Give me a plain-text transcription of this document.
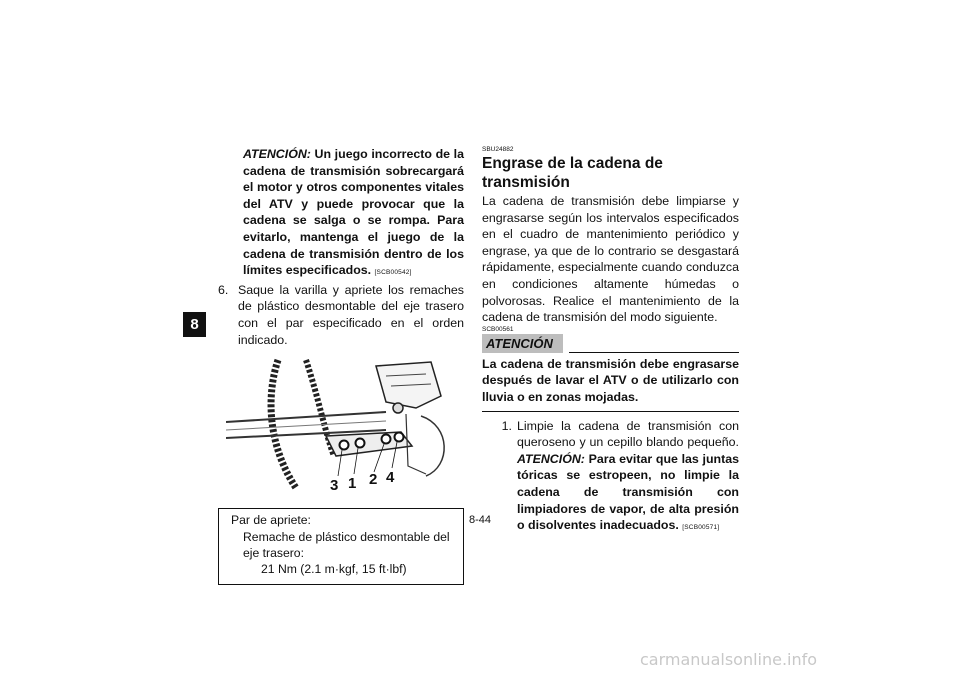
8
ATENCIÓN: Un juego incorrecto de la cadena de transmisión sobrecargará el motor y otros componentes vitales del ATV y puede provocar que la cadena se salga o se rompa. Para evitarlo, mantenga el juego de la cadena de transmisión dentro de los límites especificados. [SCB00542]
6. Saque la varilla y apriete los remaches de plástico desmontable del eje trasero con el par especificado en el orden indicado.
3 1 2 4
Par de apriete:
Remache de plástico desmontable del eje trasero:
21 Nm (2.1 m·kgf, 15 ft·lbf)
SBU24882
Engrase de la cadena de transmisión
La cadena de transmisión debe limpiarse y engrasarse según los intervalos especificados en el cuadro de mantenimiento periódico y engrase, ya que de lo contrario se desgastará rápidamente, especialmente cuando conduzca en condiciones altamente húmedas o polvorosas. Realice el mantenimiento de la cadena de transmisión del modo siguiente.
SCB00561
ATENCIÓN
La cadena de transmisión debe engrasarse después de lavar el ATV o de utilizarlo con lluvia o en zonas mojadas.
1. Limpie la cadena de transmisión con queroseno y un cepillo blando pequeño. ATENCIÓN: Para evitar que las juntas tóricas se estropeen, no limpie la cadena de transmisión con limpiadores de vapor, de alta presión o disolventes inadecuados. [SCB00571]
8-44
carmanualsonline.info
